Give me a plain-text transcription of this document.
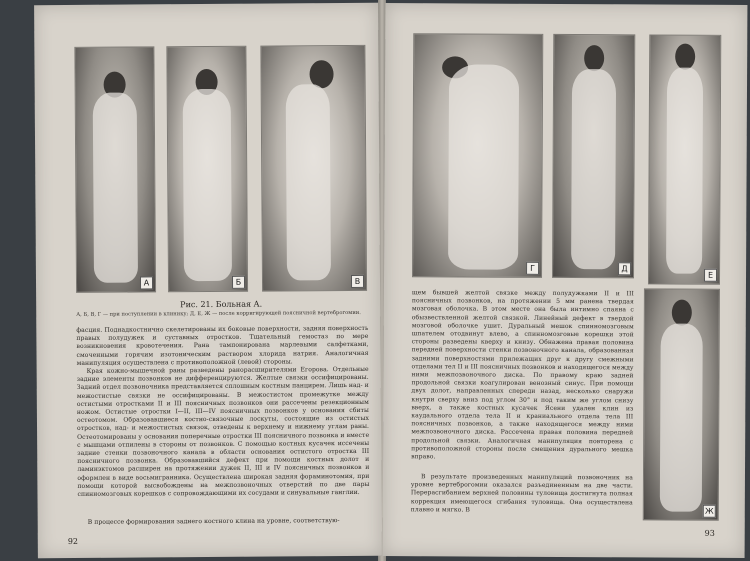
А	Б	В
Рис. 21. Больная А.
А, Б, В, Г — при поступлении в клинику; Д, Е, Ж — после корригирующей поясничной вертеброгомии.

фасция. Поднадкостнично скелетированы их боковые поверхности, задняя поверхность правых полудужек и суставных отростков. Тщательный гемостаз по мере возникновения кровотечения. Рана тампонирована марлевыми салфетками, смоченными горячим изотоническим раствором хлорида натрия. Аналогичная манипуляция осуществлена с противоположной (левой) стороны.

Края кожно-мышечной раны разведены ранорасширителями Егорова. Отдельные задние элементы позвонков не дифференцируются. Желтые связки оссифицированы. Задний отдел позвоночника представляется сплошным костным панцирем. Лишь над- и межостистые связки не оссифицированы. В межостистом промежутке между остистыми отростками II и III поясничных позвонков они рассечены резекционным ножом. Остистые отростки I—II, III—IV поясничных позвонков у основания сбиты остеотомом. Образовавшиеся костно-связочные лоскуты, состоящие из остистых отростков, над- и межостистых связок, отведены к верхнему и нижнему углам раны. Остеотомированы у основания поперечные отростки III поясничного позвонка и вместе с мышцами отпилены в стороны от позвонков. С помощью костных кусачек иссечены задние стенки позвоночного канала в области основания остистого отростка III поясничного позвонка. Образовавшийся дефект при помощи костных долот и ламинэктомов расширен на протяжении дужек II, III и IV поясничных позвонков и оформлен в виде восьмигранника. Осуществлена широкая задняя фораминотомия, при помощи которой высвобождены на межпозвоночных отверстий по две пары спинномозговых корешков с сопровождающими их сосудами и синувальные ганглии.

В процессе формирования заднего костного клина на уровне, соответствую-

92
Г	Д
Е
Ж

щем бывшей желтой связке между полудужками II и III поясничных позвонков, на протяжении 5 мм ранена твердая мозговая оболочка. В этом месте она была интимно спаяна с обызвествленной желтой связкой. Линейный дефект в твердой мозговой оболочке ушит. Дуральный мешок спинномозговым шпателем отодвинут влево, а спинномозговые корешки этой стороны разведены кверху и книзу. Обнажена правая половина передней поверхности стенки позвоночного канала, образованная задними поверхностями прилежащих друг к другу смежными отделами тел II и III поясничных позвонков и находящегося между ними межпозвоночного диска. По правому краю задней продольной связки коагулирован венозный синус. При помощи двух долот, направленных спереди назад, несколько снаружи кнутри сверху вниз под углом 30° и под таким же углом снизу вверх, а также костных кусачек Ясени удален клин из каудального отдела тела II и краниального отдела тела III поясничных позвонков, а также находящегося между ними межпозвоночного диска. Рассечена правая половина передней продольной связки. Аналогичная манипуляция повторена с противоположной стороны после смещения дурального мешка вправо.

В результате произведенных манипуляций позвоночник на уровне вертеброгомии оказался разъединенным на две части. Перерасгибанием верхней половины туловища достигнута полная коррекция имеющегося сгибания туловища. Она осуществлена плавно и мягко. В

93
